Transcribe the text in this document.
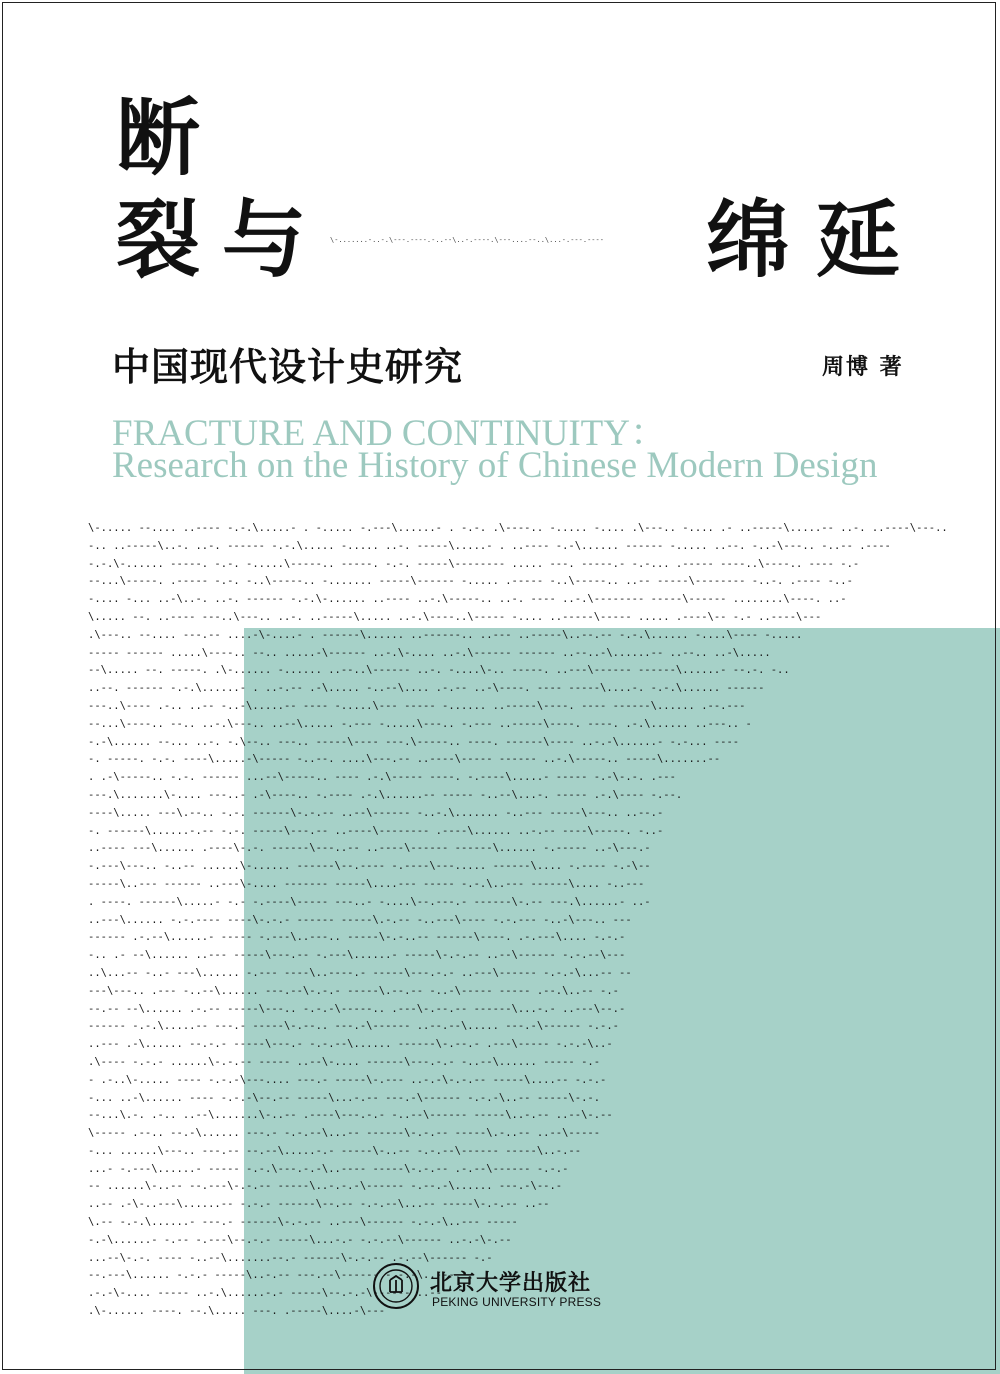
断
裂 与	绵 延
\-.......-..-.\---.----.-..--\..-.----.\---....--..\...-.---.----
中国现代设计史研究	周博 著
FRACTURE AND CONTINUITY：
Research on the History of Chinese Modern Design
\-..... --.... ..---- -.-.\.....- . -..... -.---\......- . -.-. .\----.. -..... -.... .\---.. -.... .- ..-----\.....-- ..-. ..----\---..
-.. ..-----\..-. ..-. ------ -.-.\..... -..... ..-. -----\.....- . ..---- -.-\...... ------ -..... ..--. -..-\---.. -..-- .----
-.-.\-...... -----. -.-. -.....\-----.. -----. -.-. -----\-------- ..... ---. -----.- -.-... .----- ----..\----.. ---- -.-
--...\-----. .----- -.-. -..\-----.. -....... -----\------ -..... .----- -..\-----.. ..-- -----\-------- -..-. .---- -..-
-.... -... ..-\..-. ..-. ------ -.-.\-...... ..---- ..-.\-----.. ..-. ---- ..-.\-------- -----\------ ........\----. ..-
\..... --. ..---- ---..\---.. ..-. ..-----\..... ..-.\----..\----- -.... ..-----\----- ..... .----\-- -.- ..----\---
.\---.. --.... ---.-- ....-\-....- . ------\...... ..------.. ..--- ..-----\..--.-- -.-.\...... -....\---- -.....
----- ------ .....\----.. --.. .....-\------ ..-.\-.... ..-.\------ ------ ..--..-\......-- ..--.. ..-\.....
--\..... --. -----. .\-...... -...... ..--..\------ ..-. -....\-.. -----. ..---\------ ------\......- --.-. -..
..--. ------ -.-.\......- . ..-.-- .-\..... -..--\.... .-.-- ..-\----. ---- -----\....-. -.-.\...... ------
---..\---- .-.. ..-- -..-\.....-- ---- -.....\--- ----- -...... ..-----\----. ---- ------\...... .--.---
--...\----.. --.. ..-.\---.. ..--\..... -.--- -.....\---.. -.--- ..-----\----. ----. .-.\...... ..---.. -
-.-\...... --... ..-. -.\--.. ---.. -----\---- ---.\-----.. ----. ------\---- ..-.-\......- -.-... ----
-. -----. -.-. ----\.....-\----- -..--. ....\---.-- ..----\----- ------ ..-.\-----.. -----\.......--
. .-\-----.. -.-. ------ ...--\-----.. ---- .-.\----- ----. -.----\.....- ----- -.-\-.-. .---
---.\.......\-.... ---..- .-\----.. -.---- .-.\......-- ----- -..--\...-. ----- .-.\---- -.--.
----\..... ---\.--.. -.-. ------\-.-.-- ..--\------ -..-.\....... -..--- -----\---.. ..--.-
-. ------\......-.-- -.-. -----\---.-- ..----\-------- .----\...... ..-.-- ----\-----. -..-
..---- ---\...... .----\-.-. ------\---..-- ..----\------ ------\...... -.----- ..-\---.-
-.---\---.. -..-- ......\-...... ------\--.---- -.----\---..... ------\.... -.---- -.-\--
-----\..--- ------ ..---\-.... ------- -----\....--- ----- -.-.\..--- ------\.... -..---
. ----. ------\.....- -.- -.----\----- ---..- -....\--.---.- ------\-.-- ---.\......- ..-
..---\...... -.-.---- ----\-.-.- ------ -----\.-.-- -..---\---- -.-.--- -..-\---.. ---
------ .-.--\......- ----- -.---\..---.. -----\-.-..-- ------\----. .-.---\.... -.-.-
-.. .- --\...... ..--- -----\---.-- -.---\......- -----\-.-.-- ..--\------ -.-.--\---
..\...-- -..- ---\...... -.--- ----\..----.- -----\---.-.- ..---\------ -.-.-\...-- --
---\---.. .--- -..--\...... ---.--\-.-.- -----\.--.-- -..-\----- ----- .--.\..-- -.-
--.-- --\...... .-.-- -----\---.. -.-.-\-----.. .---\-.--.-- ------\...-.- ..---\--.-
------ -.-.\.....-- ---.- -----\-.--.. ---.-\------ ..--.--\..... ---.-\------ -.-.-
..--- .-\...... --.-.- -----\---.- -.-.--\...... ------\-.--.- .---\----- -.-.-\..-
.\---- -.-.- ......\-.-.-- ----- ..--\-.... ------\---.-.- -..--\...... ----- -.-
- .-..\-..... ---- -.-.-\---.... ---.- -----\-.--- ..-.-\-.-.-- -----\....-- -.-.-
-... ..-\...... ---- -.-.-\--.-- -----\...-.-- ---.-\------ -.-.-\..-- -----\-.-.
--...\.-. .-.. ..--\.......\-..-- .----\---.-.- -..--\------ -----\..-.-- ..--\-.--
\----- .--.. --.-\...... ---.- -.-.--\...-- ------\-.-.-- -----\.-..-- ..--\-----
-... ......\---.. ---.-- --.--\.....-.- -----\-..-- -.-.--\------ -----\..-.--
...- -.---\......- ----- -.-.\---.-.-\..---- -----\-.-.-- .-.--\------ -.-.-
-- ......\-..-- --.---\-.-.-- -----\..-.-.-\------ -.--.-\...... ---.-\--.-
..-- .-\-..---\......-- -.-.- ------\--.-- -.-.--\...-- -----\-.-.-- ..--
\.-- -.-.\......- ---.- ------\-.-.-- ..---\------ -.-.-\..--- -----
-.-\......- -.-- -.---\--.-.- -----\...-.- -.-.--\------ ..-.-\-.--
...--\-.-. ---- -..--\.......--.- ------\-.-.-- .-.--\------ -.-
--.---\...... -.-.- -----\..-.-- ---.--\------ -.-.-\..--- -.
.-.-\-.... ----- ..-.\......-.- -----\--.-.-\------ ..--
.\-...... ----. --.\..... ---. .-----\....-\---
北京大学出版社
PEKING UNIVERSITY PRESS
